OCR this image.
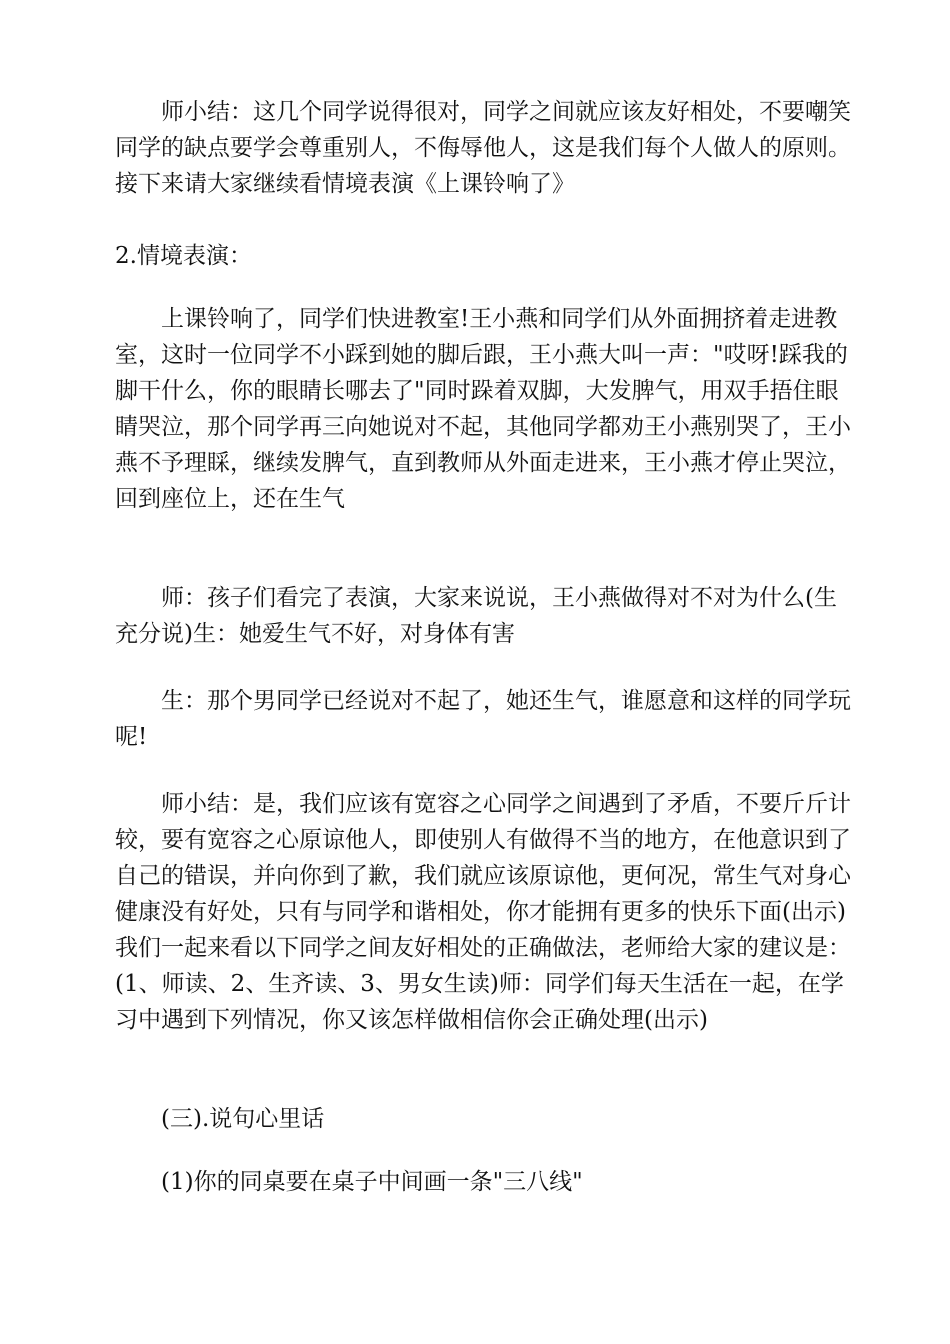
师小结：这几个同学说得很对，同学之间就应该友好相处，不要嘲笑
同学的缺点要学会尊重别人，不侮辱他人，这是我们每个人做人的原则。
接下来请大家继续看情境表演《上课铃响了》

2.情境表演：

上课铃响了，同学们快进教室!王小燕和同学们从外面拥挤着走进教
室，这时一位同学不小踩到她的脚后跟，王小燕大叫一声："哎呀!踩我的
脚干什么，你的眼睛长哪去了"同时跺着双脚，大发脾气，用双手捂住眼
睛哭泣，那个同学再三向她说对不起，其他同学都劝王小燕别哭了，王小
燕不予理睬，继续发脾气，直到教师从外面走进来，王小燕才停止哭泣，
回到座位上，还在生气

师：孩子们看完了表演，大家来说说，王小燕做得对不对为什么(生
充分说)生：她爱生气不好，对身体有害

生：那个男同学已经说对不起了，她还生气，谁愿意和这样的同学玩
呢!

师小结：是，我们应该有宽容之心同学之间遇到了矛盾，不要斤斤计
较，要有宽容之心原谅他人，即使别人有做得不当的地方，在他意识到了
自己的错误，并向你到了歉，我们就应该原谅他，更何况，常生气对身心
健康没有好处，只有与同学和谐相处，你才能拥有更多的快乐下面(出示)
我们一起来看以下同学之间友好相处的正确做法，老师给大家的建议是：
(1、师读、2、生齐读、3、男女生读)师：同学们每天生活在一起，在学
习中遇到下列情况，你又该怎样做相信你会正确处理(出示)

(三).说句心里话

(1)你的同桌要在桌子中间画一条"三八线"
